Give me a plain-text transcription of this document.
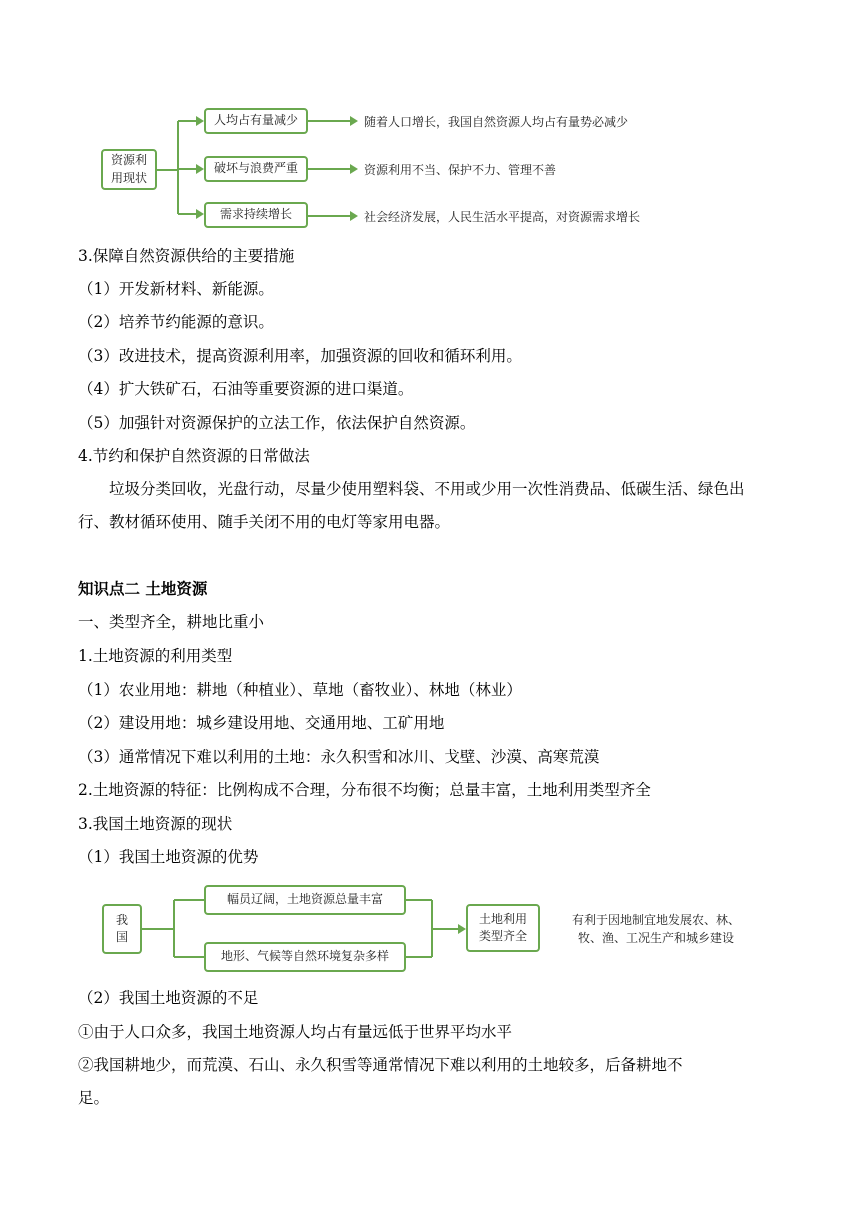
资源利
用现状
人均占有量减少
破坏与浪费严重
需求持续增长
随着人口增长，我国自然资源人均占有量势必减少
资源利用不当、保护不力、管理不善
社会经济发展，人民生活水平提高，对资源需求增长
3.保障自然资源供给的主要措施
（1）开发新材料、新能源。
（2）培养节约能源的意识。
（3）改进技术，提高资源利用率，加强资源的回收和循环利用。
（4）扩大铁矿石，石油等重要资源的进口渠道。
（5）加强针对资源保护的立法工作，依法保护自然资源。
4.节约和保护自然资源的日常做法
垃圾分类回收，光盘行动，尽量少使用塑料袋、不用或少用一次性消费品、低碳生活、绿色出行、教材循环使用、随手关闭不用的电灯等家用电器。
知识点二 土地资源
一、类型齐全，耕地比重小
1.土地资源的利用类型
（1）农业用地：耕地（种植业）、草地（畜牧业）、林地（林业）
（2）建设用地：城乡建设用地、交通用地、工矿用地
（3）通常情况下难以利用的土地：永久积雪和冰川、戈壁、沙漠、高寒荒漠
2.土地资源的特征：比例构成不合理，分布很不均衡；总量丰富，土地利用类型齐全
3.我国土地资源的现状
（1）我国土地资源的优势
我
国
幅员辽阔，土地资源总量丰富
地形、气候等自然环境复杂多样
土地利用
类型齐全
有利于因地制宜地发展农、林、
牧、渔、工况生产和城乡建设
（2）我国土地资源的不足
①由于人口众多，我国土地资源人均占有量远低于世界平均水平
②我国耕地少，而荒漠、石山、永久积雪等通常情况下难以利用的土地较多，后备耕地不
足。
